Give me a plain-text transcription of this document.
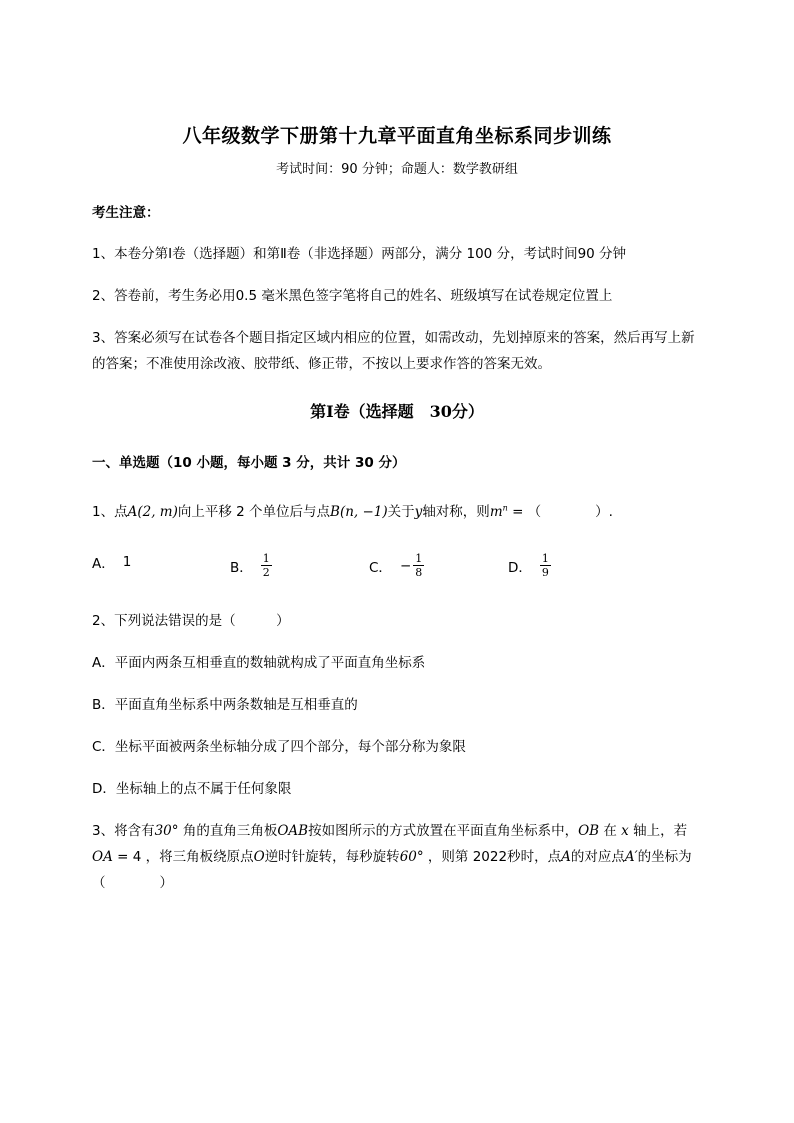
八年级数学下册第十九章平面直角坐标系同步训练
考试时间：90 分钟；命题人：数学教研组
考生注意：
1、本卷分第Ⅰ卷（选择题）和第Ⅱ卷（非选择题）两部分，满分 100 分，考试时间90 分钟
2、答卷前，考生务必用0.5 毫米黑色签字笔将自己的姓名、班级填写在试卷规定位置上
3、答案必须写在试卷各个题目指定区域内相应的位置，如需改动，先划掉原来的答案，然后再写上新
的答案；不准使用涂改液、胶带纸、修正带，不按以上要求作答的答案无效。
第Ⅰ卷（选择题　30分）
一、单选题（10 小题，每小题 3 分，共计 30 分）
1、点A(2, m)向上平移 2 个单位后与点B(n, −1)关于y轴对称，则$m^n$ = （　　　　）.
A． 1	B． $\frac{1}{2}$	C． − $\frac{1}{8}$	D． $\frac{1}{9}$
2、下列说法错误的是（　　　）
A．平面内两条互相垂直的数轴就构成了平面直角坐标系
B．平面直角坐标系中两条数轴是互相垂直的
C．坐标平面被两条坐标轴分成了四个部分，每个部分称为象限
D．坐标轴上的点不属于任何象限
3、将含有30° 角的直角三角板OAB按如图所示的方式放置在平面直角坐标系中，OB 在 x 轴上，若
OA = 4 ，将三角板绕原点O逆时针旋转，每秒旋转60° ，则第 2022秒时，点A的对应点A′的坐标为
（　　　　）
